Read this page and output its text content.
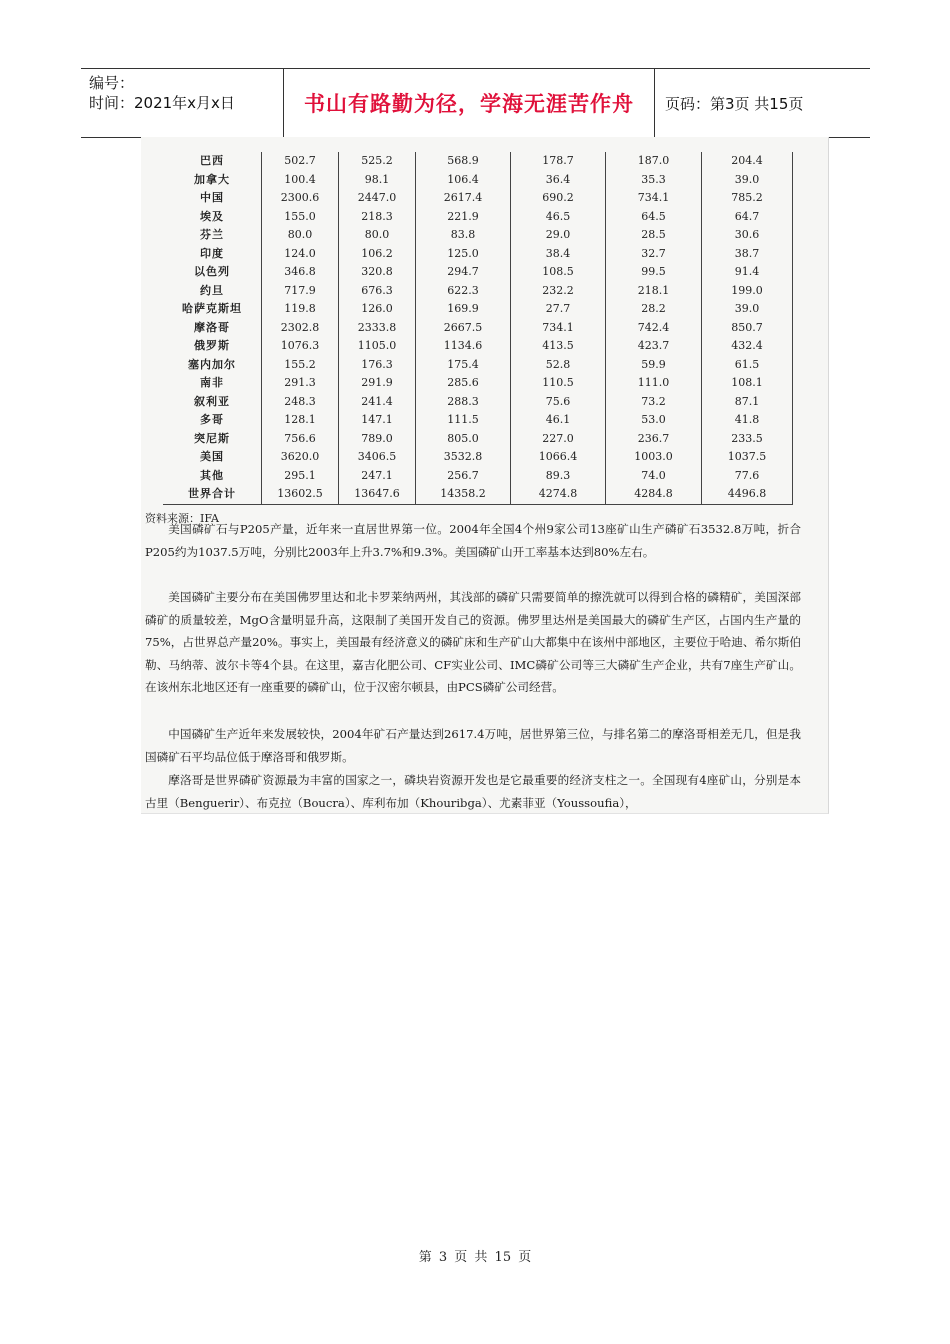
编号：
时间：2021年x月x日	书山有路勤为径，学海无涯苦作舟	页码：第3页 共15页
巴西	502.7	525.2	568.9	178.7	187.0	204.4
加拿大	100.4	98.1	106.4	36.4	35.3	39.0
中国	2300.6	2447.0	2617.4	690.2	734.1	785.2
埃及	155.0	218.3	221.9	46.5	64.5	64.7
芬兰	80.0	80.0	83.8	29.0	28.5	30.6
印度	124.0	106.2	125.0	38.4	32.7	38.7
以色列	346.8	320.8	294.7	108.5	99.5	91.4
约旦	717.9	676.3	622.3	232.2	218.1	199.0
哈萨克斯坦	119.8	126.0	169.9	27.7	28.2	39.0
摩洛哥	2302.8	2333.8	2667.5	734.1	742.4	850.7
俄罗斯	1076.3	1105.0	1134.6	413.5	423.7	432.4
塞内加尔	155.2	176.3	175.4	52.8	59.9	61.5
南非	291.3	291.9	285.6	110.5	111.0	108.1
叙利亚	248.3	241.4	288.3	75.6	73.2	87.1
多哥	128.1	147.1	111.5	46.1	53.0	41.8
突尼斯	756.6	789.0	805.0	227.0	236.7	233.5
美国	3620.0	3406.5	3532.8	1066.4	1003.0	1037.5
其他	295.1	247.1	256.7	89.3	74.0	77.6
世界合计	13602.5	13647.6	14358.2	4274.8	4284.8	4496.8
资料来源：IFA

美国磷矿石与P205产量，近年来一直居世界第一位。2004年全国4个州9家公司13座矿山生产磷矿石3532.8万吨，折合P205约为1037.5万吨，分别比2003年上升3.7%和9.3%。美国磷矿山开工率基本达到80%左右。

美国磷矿主要分布在美国佛罗里达和北卡罗莱纳两州，其浅部的磷矿只需要简单的擦洗就可以得到合格的磷精矿，美国深部磷矿的质量较差，MgO含量明显升高，这限制了美国开发自己的资源。佛罗里达州是美国最大的磷矿生产区，占国内生产量的75%，占世界总产量20%。事实上，美国最有经济意义的磷矿床和生产矿山大都集中在该州中部地区，主要位于哈迪、希尔斯伯勒、马纳蒂、波尔卡等4个县。在这里，嘉吉化肥公司、CF实业公司、IMC磷矿公司等三大磷矿生产企业，共有7座生产矿山。在该州东北地区还有一座重要的磷矿山，位于汉密尔顿县，由PCS磷矿公司经营。

中国磷矿生产近年来发展较快，2004年矿石产量达到2617.4万吨，居世界第三位，与排名第二的摩洛哥相差无几，但是我国磷矿石平均品位低于摩洛哥和俄罗斯。

摩洛哥是世界磷矿资源最为丰富的国家之一，磷块岩资源开发也是它最重要的经济支柱之一。全国现有4座矿山，分别是本古里（Benguerir）、布克拉（Boucra）、库利布加（Khouribga）、尤素菲亚（Youssoufia），

第 3 页 共 15 页
